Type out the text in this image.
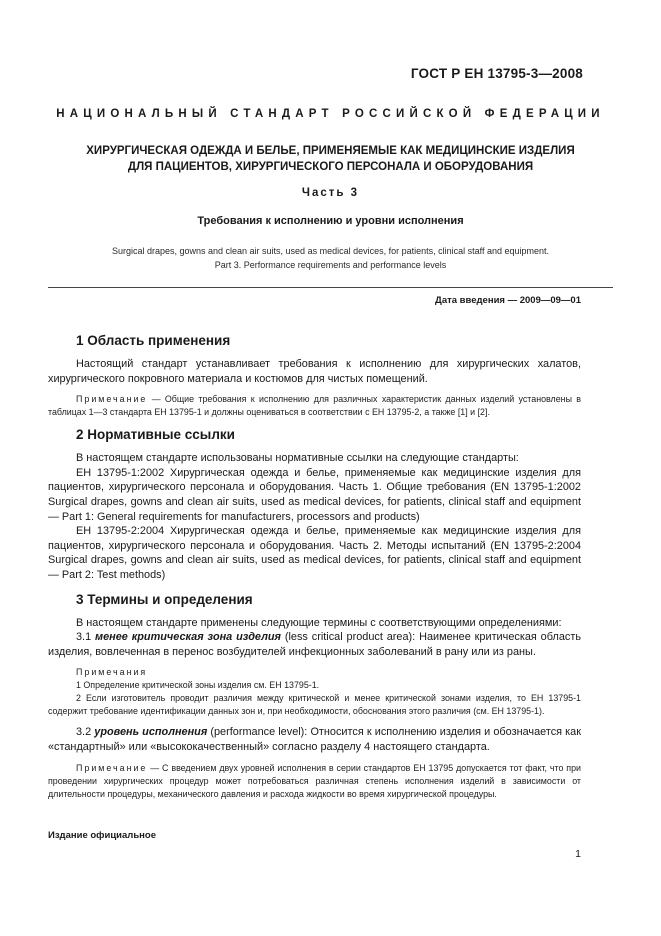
ГОСТ Р ЕН 13795-3—2008
НАЦИОНАЛЬНЫЙ СТАНДАРТ РОССИЙСКОЙ ФЕДЕРАЦИИ
ХИРУРГИЧЕСКАЯ ОДЕЖДА И БЕЛЬЕ, ПРИМЕНЯЕМЫЕ КАК МЕДИЦИНСКИЕ ИЗДЕЛИЯ
ДЛЯ ПАЦИЕНТОВ, ХИРУРГИЧЕСКОГО ПЕРСОНАЛА И ОБОРУДОВАНИЯ
Часть 3
Требования к исполнению и уровни исполнения
Surgical drapes, gowns and clean air suits, used as medical devices, for patients, clinical staff and equipment.
Part 3. Performance requirements and performance levels
Дата введения — 2009—09—01
1 Область применения

Настоящий стандарт устанавливает требования к исполнению для хирургических халатов, хирургического покровного материала и костюмов для чистых помещений.

Примечание — Общие требования к исполнению для различных характеристик данных изделий установлены в таблицах 1—3 стандарта ЕН 13795-1 и должны оцениваться в соответствии с ЕН 13795-2, а также [1] и [2].
2 Нормативные ссылки

В настоящем стандарте использованы нормативные ссылки на следующие стандарты:

ЕН 13795-1:2002 Хирургическая одежда и белье, применяемые как медицинские изделия для пациентов, хирургического персонала и оборудования. Часть 1. Общие требования (EN 13795-1:2002 Surgical drapes, gowns and clean air suits, used as medical devices, for patients, clinical staff and equipment — Part 1: General requirements for manufacturers, processors and products)

ЕН 13795-2:2004 Хирургическая одежда и белье, применяемые как медицинские изделия для пациентов, хирургического персонала и оборудования. Часть 2. Методы испытаний (EN 13795-2:2004 Surgical drapes, gowns and clean air suits, used as medical devices, for patients, clinical staff and equipment — Part 2: Test methods)

3 Термины и определения

В настоящем стандарте применены следующие термины с соответствующими определениями:

3.1 менее критическая зона изделия (less critical product area): Наименее критическая область изделия, вовлеченная в перенос возбудителей инфекционных заболеваний в рану или из раны.

Примечания
1 Определение критической зоны изделия см. ЕН 13795-1.
2 Если изготовитель проводит различия между критической и менее критической зонами изделия, то ЕН 13795-1 содержит требование идентификации данных зон и, при необходимости, обоснования этого различия (см. ЕН 13795-1).

3.2 уровень исполнения (performance level): Относится к исполнению изделия и обозначается как «стандартный» или «высококачественный» согласно разделу 4 настоящего стандарта.

Примечание — С введением двух уровней исполнения в серии стандартов ЕН 13795 допускается тот факт, что при проведении хирургических процедур может потребоваться различная степень исполнения изделий в зависимости от длительности процедуры, механического давления и расхода жидкости во время хирургической процедуры.
Издание официальное
1
